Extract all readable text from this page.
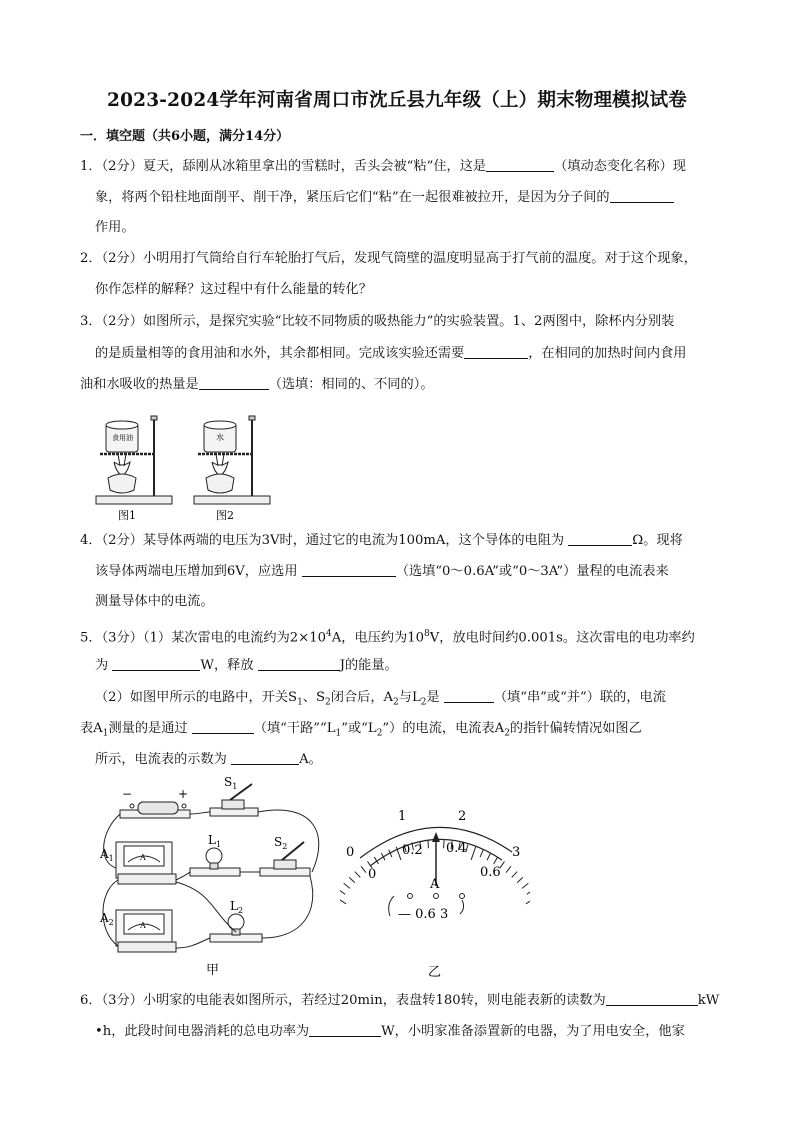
2023-2024学年河南省周口市沈丘县九年级（上）期末物理模拟试卷
一．填空题（共6小题，满分14分）
1．（2分）夏天，舔刚从冰箱里拿出的雪糕时，舌头会被“粘”住，这是	（填动态变化名称）现
象，将两个铅柱地面削平、削干净，紧压后它们“粘”在一起很难被拉开，是因为分子间的
作用。
2．（2分）小明用打气筒给自行车轮胎打气后，发现气筒壁的温度明显高于打气前的温度。对于这个现象，
你作怎样的解释？这过程中有什么能量的转化？
3．（2分）如图所示，是探究实验“比较不同物质的吸热能力”的实验装置。1、2两图中，除杯内分别装
的是质量相等的食用油和水外，其余都相同。完成该实验还需要	，在相同的加热时间内食用
油和水吸收的热量是	（选填：相同的、不同的）。
食用油	水
图1	图2
4．（2分）某导体两端的电压为3V时，通过它的电流为100mA，这个导体的电阻为	Ω。现将
该导体两端电压增加到6V，应选用	（选填“0～0.6A”或“0～3A”）量程的电流表来
测量导体中的电流。
5．（3分）（1）某次雷电的电流约为$2\times 10^4A$，电压约为$10^8V$，放电时间约0.001s。这次雷电的电功率约
为	W，释放	J的能量。
（2）如图甲所示的电路中，开关$S_1$、$S_2$闭合后，$A_2$与$L_2$是	（填“串”或“并”）联的，电流
表$A_1$测量的是通过	（填“干路$”“L_1$”或“$L_2$”）的电流，电流表$A_2$的指针偏转情况如图乙
所示，电流表的示数为	A。
−	+
$S_1$
$S_2$
$A_1$
$A_2$
$L_1$
$L_2$
A
A
甲
0
1	2
3
0
0.2 0.4
0.6
A
— 0.6 3
乙
6．（3分）小明家的电能表如图所示，若经过20min，表盘转180转，则电能表新的读数为	kW
•h，此段时间电器消耗的总电功率为	W，小明家准备添置新的电器，为了用电安全，他家
